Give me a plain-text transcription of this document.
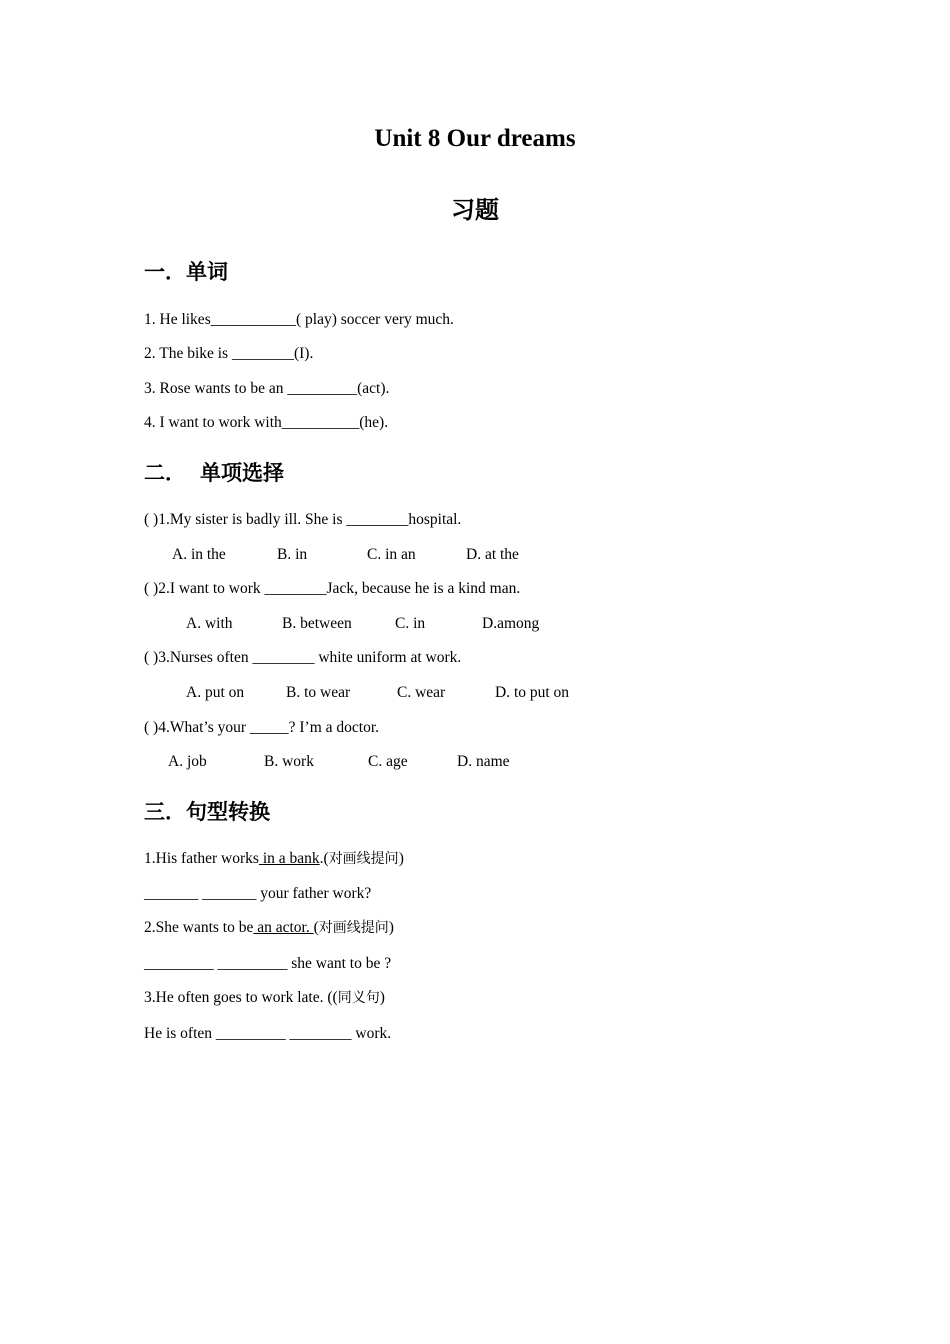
Unit 8 Our dreams
习题
一．单词
1. He likes___________( play) soccer very much.
2. The bike is ________(I).
3. Rose wants to be an _________(act).
4. I want to work with__________(he).
二． 单项选择
( )1.My sister is badly ill. She is ________hospital.
A. in the	B. in	C. in an	D. at the
( )2.I want to work ________Jack, because he is a kind man.
A. with	B. between	C. in	D.among
( )3.Nurses often ________ white uniform at work.
A. put on	B. to wear	C. wear	D. to put on
( )4.What’s your _____? I’m a doctor.
A. job	B. work	C. age	D. name
三．句型转换
1.His father works in a bank.(对画线提问)
_______ _______ your father work?
2.She wants to be an actor. (对画线提问)
_________ _________ she want to be ?
3.He often goes to work late. ((同义句)
He is often _________ ________ work.
